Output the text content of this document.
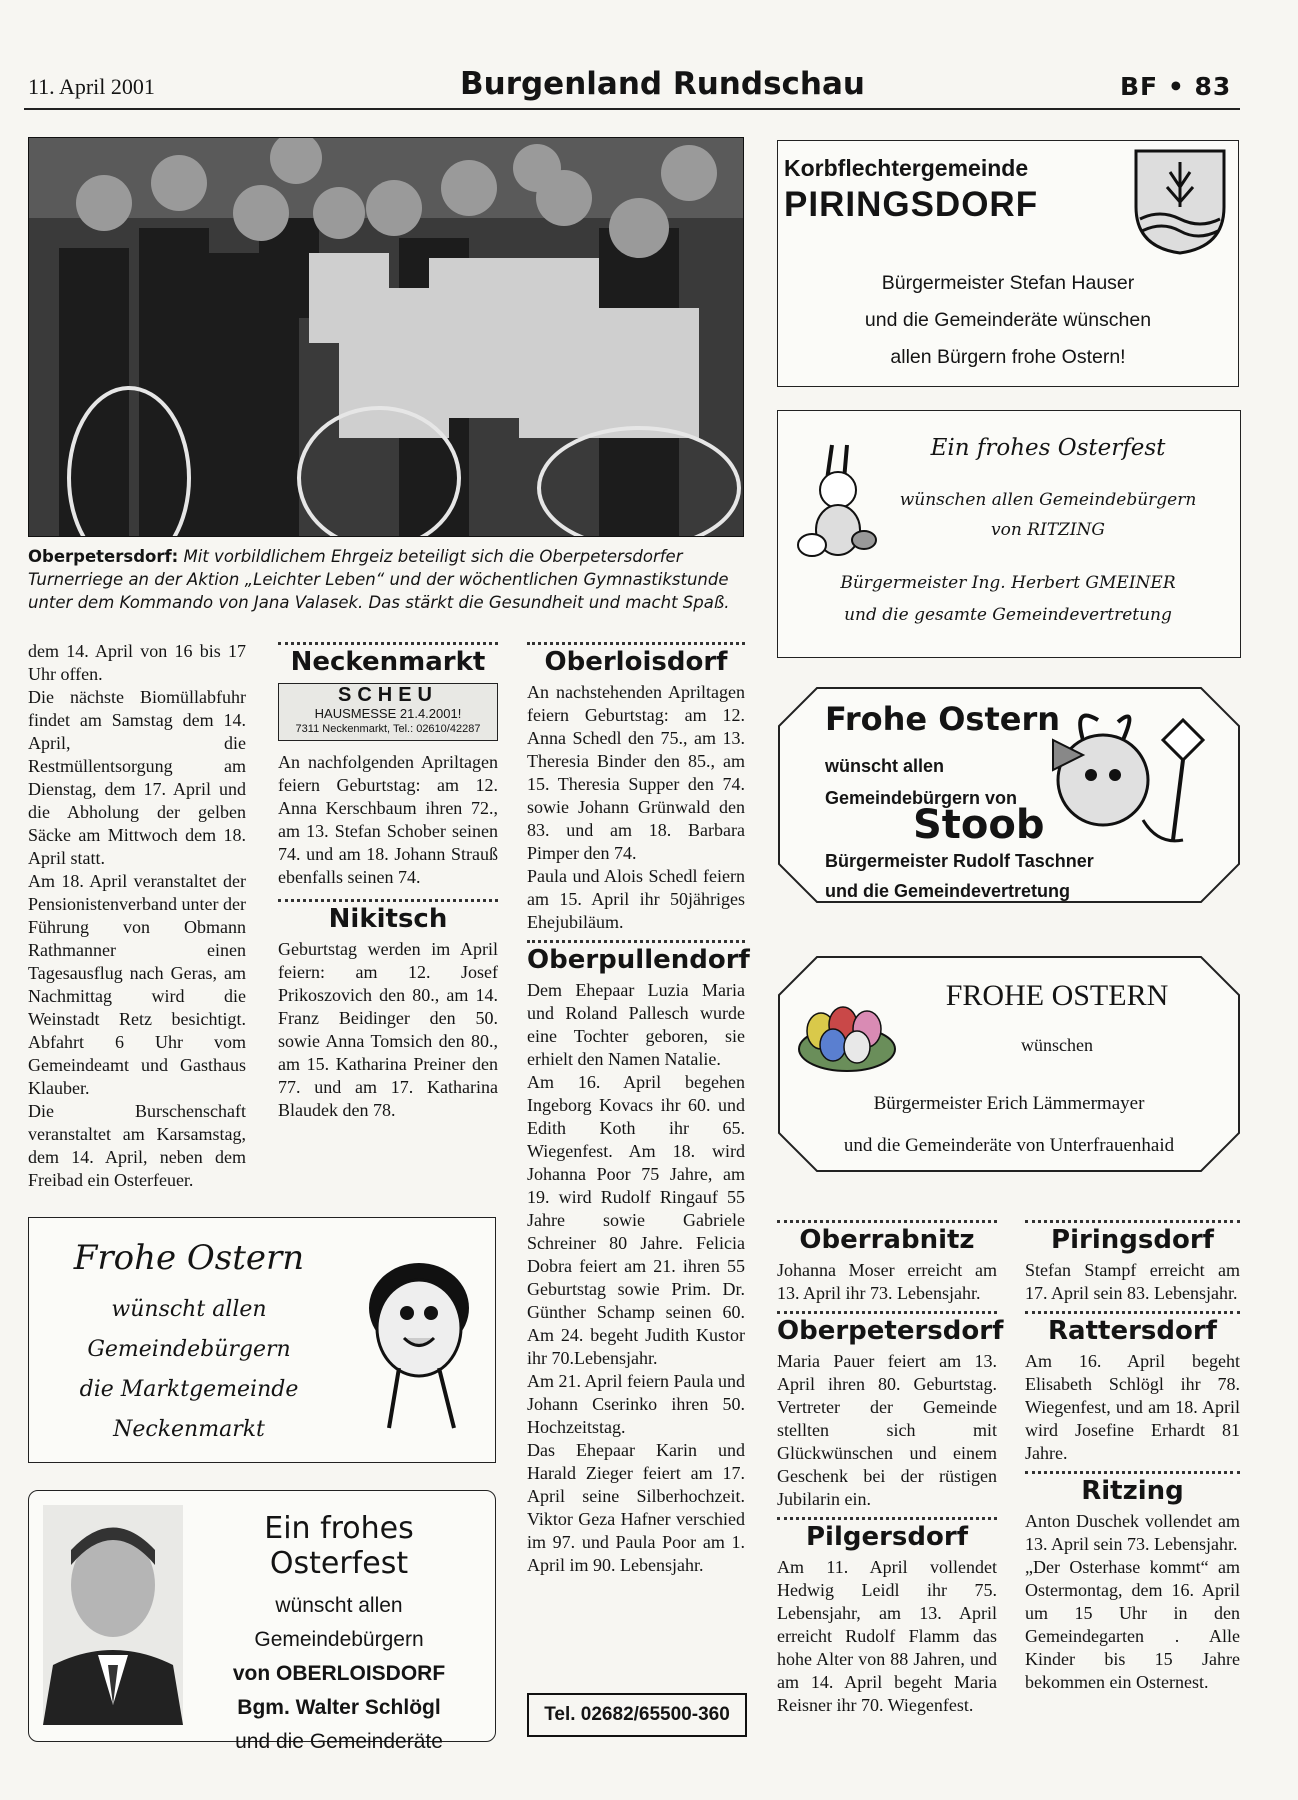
11. April 2001	Burgenland Rundschau	BF • 83
Oberpetersdorf: Mit vorbildlichem Ehrgeiz beteiligt sich die Oberpetersdorfer Turnerriege an der Aktion „Leichter Leben“ und der wöchentlichen Gymnastikstunde unter dem Kommando von Jana Valasek. Das stärkt die Gesundheit und macht Spaß.
dem 14. April von 16 bis 17 Uhr offen.
Die nächste Biomüllabfuhr findet am Samstag dem 14. April, die Restmüllentsorgung am Dienstag, dem 17. April und die Abholung der gelben Säcke am Mittwoch dem 18. April statt.
Am 18. April veranstaltet der Pensionistenverband unter der Führung von Obmann Rathmanner einen Tagesausflug nach Geras, am Nachmittag wird die Weinstadt Retz besichtigt. Abfahrt 6 Uhr vom Gemeindeamt und Gasthaus Klauber.
Die Burschenschaft veranstaltet am Karsamstag, dem 14. April, neben dem Freibad ein Osterfeuer.
Neckenmarkt
SCHEU
HAUSMESSE 21.4.2001!
7311 Neckenmarkt, Tel.: 02610/42287

An nachfolgenden Apriltagen feiern Geburtstag: am 12. Anna Kerschbaum ihren 72., am 13. Stefan Schober seinen 74. und am 18. Johann Strauß ebenfalls seinen 74.

Nikitsch

Geburtstag werden im April feiern: am 12. Josef Prikoszovich den 80., am 14. Franz Beidinger den 50. sowie Anna Tomsich den 80., am 15. Katharina Preiner den 77. und am 17. Katharina Blaudek den 78.

Oberloisdorf

An nachstehenden Apriltagen feiern Geburtstag: am 12. Anna Schedl den 75., am 13. Theresia Binder den 85., am 15. Theresia Supper den 74. sowie Johann Grünwald den 83. und am 18. Barbara Pimper den 74.
Paula und Alois Schedl feiern am 15. April ihr 50jähriges Ehejubiläum.

Oberpullendorf

Dem Ehepaar Luzia Maria und Roland Pallesch wurde eine Tochter geboren, sie erhielt den Namen Natalie.
Am 16. April begehen Ingeborg Kovacs ihr 60. und Edith Koth ihr 65. Wiegenfest. Am 18. wird Johanna Poor 75 Jahre, am 19. wird Rudolf Ringauf 55 Jahre sowie Gabriele Schreiner 80 Jahre. Felicia Dobra feiert am 21. ihren 55 Geburtstag sowie Prim. Dr. Günther Schamp seinen 60. Am 24. begeht Judith Kustor ihr 70.Lebensjahr.
Am 21. April feiern Paula und Johann Cserinko ihren 50. Hochzeitstag.
Das Ehepaar Karin und Harald Zieger feiert am 17. April seine Silberhochzeit. Viktor Geza Hafner verschied im 97. und Paula Poor am 1. April im 90. Lebensjahr.

Tel. 02682/65500-360
Frohe Ostern
wünscht allen
Gemeindebürgern
die Marktgemeinde
Neckenmarkt
Ein frohes Osterfest
wünscht allen
Gemeindebürgern
von OBERLOISDORF
Bgm. Walter Schlögl
und die Gemeinderäte
Korbflechtergemeinde
PIRINGSDORF
Bürgermeister Stefan Hauser
und die Gemeinderäte wünschen
allen Bürgern frohe Ostern!
Ein frohes Osterfest
wünschen allen Gemeindebürgern
von RITZING
Bürgermeister Ing. Herbert GMEINER
und die gesamte Gemeindevertretung
Frohe Ostern
wünscht allen
Gemeindebürgern von
Stoob
Bürgermeister Rudolf Taschner
und die Gemeindevertretung
FROHE OSTERN
wünschen
Bürgermeister Erich Lämmermayer
und die Gemeinderäte von Unterfrauenhaid
Oberrabnitz

Johanna Moser erreicht am 13. April ihr 73. Lebensjahr.

Oberpetersdorf

Maria Pauer feiert am 13. April ihren 80. Geburtstag. Vertreter der Gemeinde stellten sich mit Glückwünschen und einem Geschenk bei der rüstigen Jubilarin ein.

Pilgersdorf

Am 11. April vollendet Hedwig Leidl ihr 75. Lebensjahr, am 13. April erreicht Rudolf Flamm das hohe Alter von 88 Jahren, und am 14. April begeht Maria Reisner ihr 70. Wiegenfest.

Piringsdorf

Stefan Stampf erreicht am 17. April sein 83. Lebensjahr.

Rattersdorf

Am 16. April begeht Elisabeth Schlögl ihr 78. Wiegenfest, und am 18. April wird Josefine Erhardt 81 Jahre.

Ritzing

Anton Duschek vollendet am 13. April sein 73. Lebensjahr.
„Der Osterhase kommt“ am Ostermontag, dem 16. April um 15 Uhr in den Gemeindegarten . Alle Kinder bis 15 Jahre bekommen ein Osternest.
